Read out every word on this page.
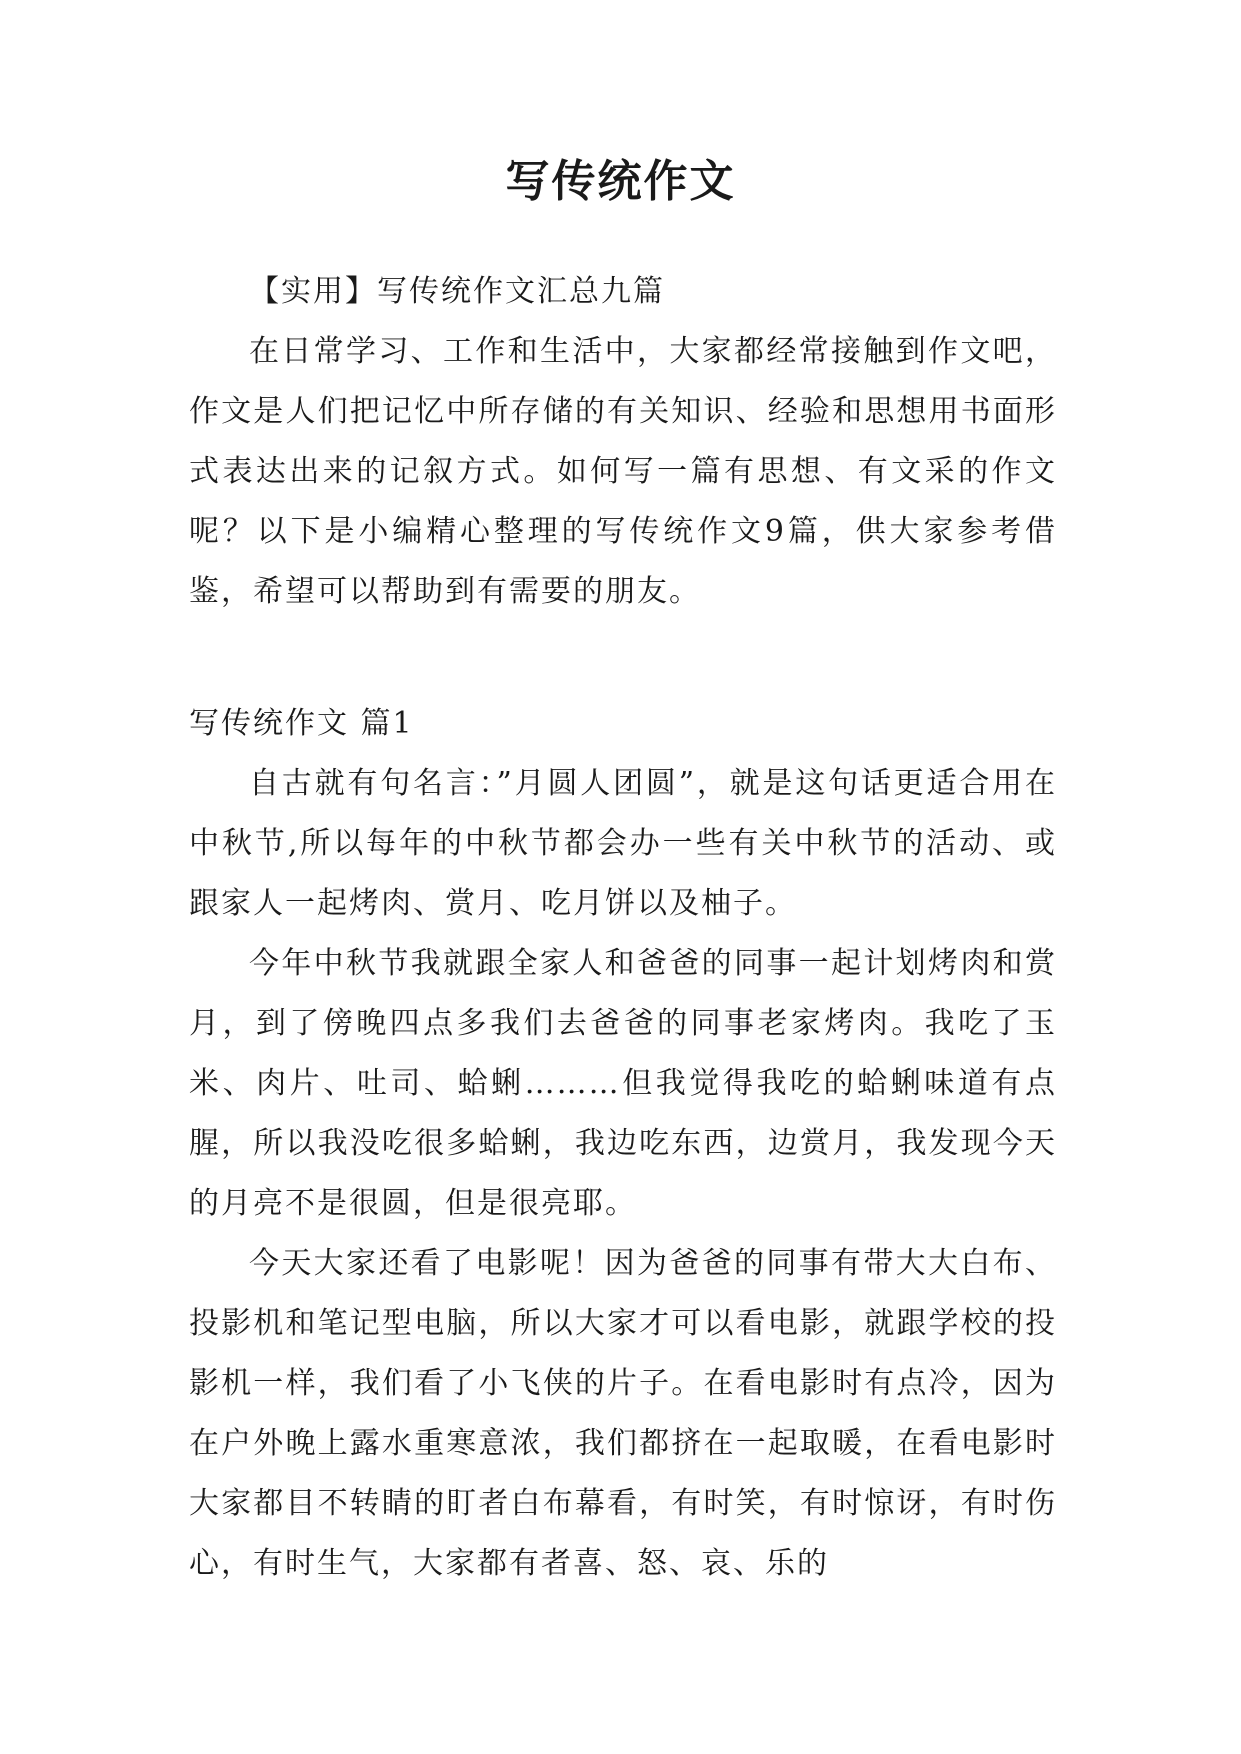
写传统作文

【实用】写传统作文汇总九篇

在日常学习、工作和生活中，大家都经常接触到作文吧，作文是人们把记忆中所存储的有关知识、经验和思想用书面形式表达出来的记叙方式。如何写一篇有思想、有文采的作文呢？以下是小编精心整理的写传统作文9篇，供大家参考借鉴，希望可以帮助到有需要的朋友。

写传统作文 篇1

自古就有句名言：”月圆人团圆”，就是这句话更适合用在中秋节,所以每年的中秋节都会办一些有关中秋节的活动、或跟家人一起烤肉、赏月、吃月饼以及柚子。

今年中秋节我就跟全家人和爸爸的同事一起计划烤肉和赏月，到了傍晚四点多我们去爸爸的同事老家烤肉。我吃了玉米、肉片、吐司、蛤蜊………但我觉得我吃的蛤蜊味道有点腥，所以我没吃很多蛤蜊，我边吃东西，边赏月，我发现今天的月亮不是很圆，但是很亮耶。

今天大家还看了电影呢！因为爸爸的同事有带大大白布、投影机和笔记型电脑，所以大家才可以看电影，就跟学校的投影机一样，我们看了小飞侠的片子。在看电影时有点冷，因为在户外晚上露水重寒意浓，我们都挤在一起取暖，在看电影时大家都目不转睛的盯者白布幕看，有时笑，有时惊讶，有时伤心，有时生气，大家都有者喜、怒、哀、乐的
